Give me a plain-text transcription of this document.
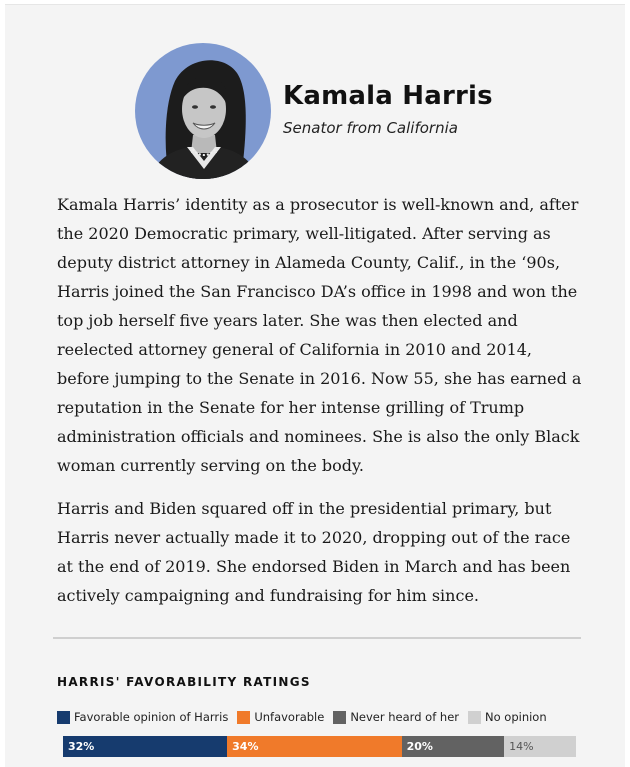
Kamala Harris
Senator from California

Kamala Harris’ identity as a prosecutor is well-known and, after the 2020 Democratic primary, well-litigated. After serving as deputy district attorney in Alameda County, Calif., in the ‘90s, Harris joined the San Francisco DA’s office in 1998 and won the top job herself five years later. She was then elected and reelected attorney general of California in 2010 and 2014, before jumping to the Senate in 2016. Now 55, she has earned a reputation in the Senate for her intense grilling of Trump administration officials and nominees. She is also the only Black woman currently serving on the body.

Harris and Biden squared off in the presidential primary, but Harris never actually made it to 2020, dropping out of the race at the end of 2019. She endorsed Biden in March and has been actively campaigning and fundraising for him since.

HARRIS' FAVORABILITY RATINGS
Favorable opinion of Harris Unfavorable Never heard of her No opinion
32%	34%	20%	14%
